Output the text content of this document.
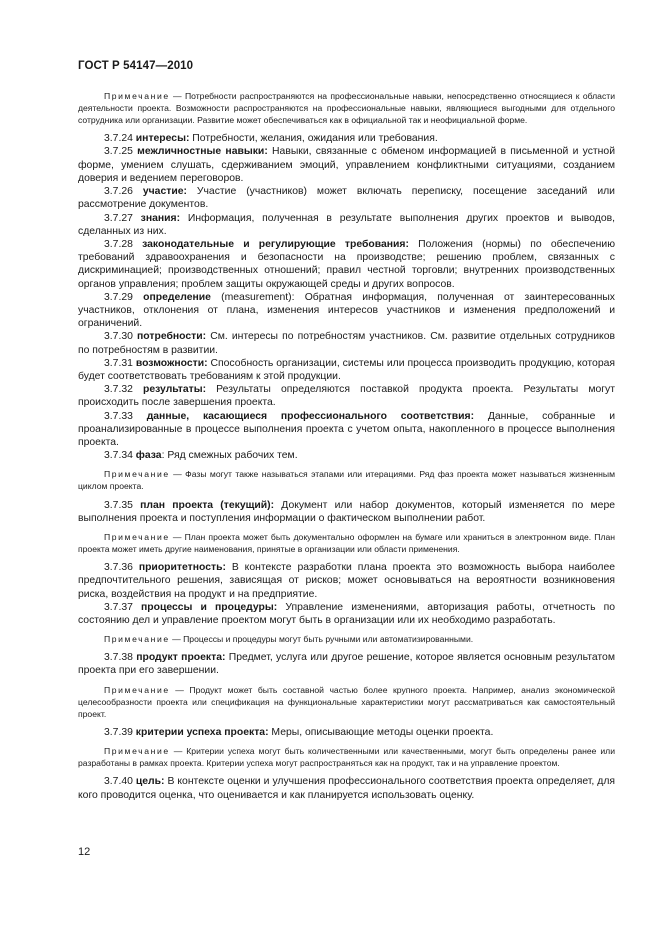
ГОСТ Р 54147—2010

Примечание — Потребности распространяются на профессиональные навыки, непосредственно относящиеся к области деятельности проекта. Возможности распространяются на профессиональные навыки, являющиеся выгодными для отдельного сотрудника или организации. Развитие может обеспечиваться как в официальной так и неофициальной форме.

3.7.24 интересы: Потребности, желания, ожидания или требования.

3.7.25 межличностные навыки: Навыки, связанные с обменом информацией в письменной и устной форме, умением слушать, сдерживанием эмоций, управлением конфликтными ситуациями, созданием доверия и ведением переговоров.

3.7.26 участие: Участие (участников) может включать переписку, посещение заседаний или рассмотрение документов.

3.7.27 знания: Информация, полученная в результате выполнения других проектов и выводов, сделанных из них.

3.7.28 законодательные и регулирующие требования: Положения (нормы) по обеспечению требований здравоохранения и безопасности на производстве; решению проблем, связанных с дискриминацией; производственных отношений; правил честной торговли; внутренних производственных органов управления; проблем защиты окружающей среды и других вопросов.

3.7.29 определение (measurement): Обратная информация, полученная от заинтересованных участников, отклонения от плана, изменения интересов участников и изменения предположений и ограничений.

3.7.30 потребности: См. интересы по потребностям участников. См. развитие отдельных сотрудников по потребностям в развитии.

3.7.31 возможности: Способность организации, системы или процесса производить продукцию, которая будет соответствовать требованиям к этой продукции.

3.7.32 результаты: Результаты определяются поставкой продукта проекта. Результаты могут происходить после завершения проекта.

3.7.33 данные, касающиеся профессионального соответствия: Данные, собранные и проанализированные в процессе выполнения проекта с учетом опыта, накопленного в процессе выполнения проекта.

3.7.34 фаза: Ряд смежных рабочих тем.

Примечание — Фазы могут также называться этапами или итерациями. Ряд фаз проекта может называться жизненным циклом проекта.

3.7.35 план проекта (текущий): Документ или набор документов, который изменяется по мере выполнения проекта и поступления информации о фактическом выполнении работ.

Примечание — План проекта может быть документально оформлен на бумаге или храниться в электронном виде. План проекта может иметь другие наименования, принятые в организации или области применения.

3.7.36 приоритетность: В контексте разработки плана проекта это возможность выбора наиболее предпочтительного решения, зависящая от рисков; может основываться на вероятности возникновения риска, воздействия на продукт и на предприятие.

3.7.37 процессы и процедуры: Управление изменениями, авторизация работы, отчетность по состоянию дел и управление проектом могут быть в организации или их необходимо разработать.

Примечание — Процессы и процедуры могут быть ручными или автоматизированными.

3.7.38 продукт проекта: Предмет, услуга или другое решение, которое является основным результатом проекта при его завершении.

Примечание — Продукт может быть составной частью более крупного проекта. Например, анализ экономической целесообразности проекта или спецификация на функциональные характеристики могут рассматриваться как самостоятельный проект.

3.7.39 критерии успеха проекта: Меры, описывающие методы оценки проекта.

Примечание — Критерии успеха могут быть количественными или качественными, могут быть определены ранее или разработаны в рамках проекта. Критерии успеха могут распространяться как на продукт, так и на управление проектом.

3.7.40 цель: В контексте оценки и улучшения профессионального соответствия проекта определяет, для кого проводится оценка, что оценивается и как планируется использовать оценку.

12
